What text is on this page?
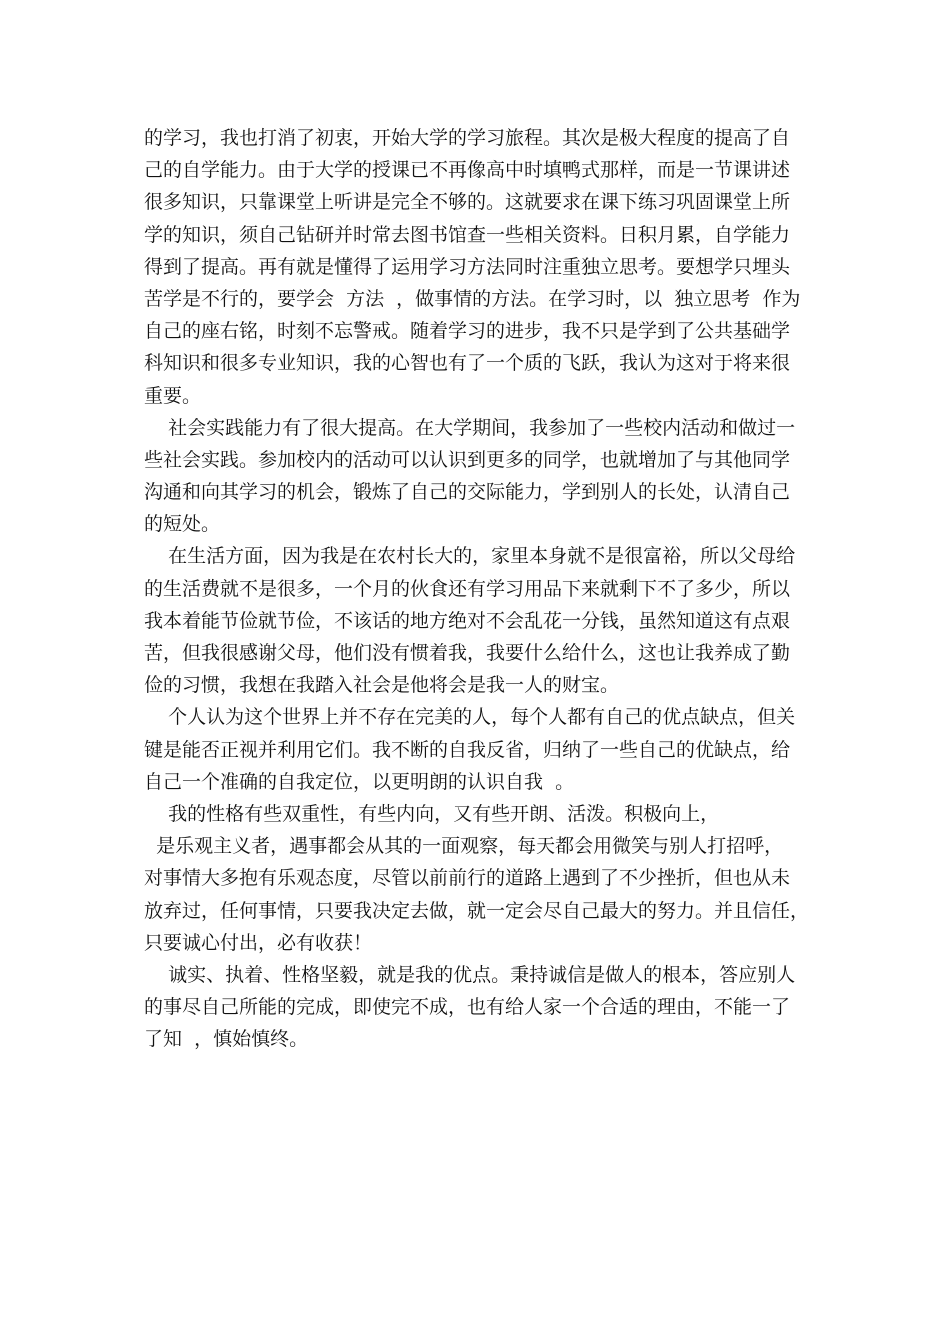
的学习，我也打消了初衷，开始大学的学习旅程。其次是极大程度的提高了自
己的自学能力。由于大学的授课已不再像高中时填鸭式那样，而是一节课讲述
很多知识，只靠课堂上听讲是完全不够的。这就要求在课下练习巩固课堂上所
学的知识，须自己钻研并时常去图书馆查一些相关资料。日积月累，自学能力
得到了提高。再有就是懂得了运用学习方法同时注重独立思考。要想学只埋头
苦学是不行的，要学会  方法  ，做事情的方法。在学习时，以  独立思考  作为
自己的座右铭，时刻不忘警戒。随着学习的进步，我不只是学到了公共基础学
科知识和很多专业知识，我的心智也有了一个质的飞跃，我认为这对于将来很
重要。
社会实践能力有了很大提高。在大学期间，我参加了一些校内活动和做过一
些社会实践。参加校内的活动可以认识到更多的同学，也就增加了与其他同学
沟通和向其学习的机会，锻炼了自己的交际能力，学到别人的长处，认清自己
的短处。
在生活方面，因为我是在农村长大的，家里本身就不是很富裕，所以父母给
的生活费就不是很多，一个月的伙食还有学习用品下来就剩下不了多少，所以
我本着能节俭就节俭，不该话的地方绝对不会乱花一分钱，虽然知道这有点艰
苦，但我很感谢父母，他们没有惯着我，我要什么给什么，这也让我养成了勤
俭的习惯，我想在我踏入社会是他将会是我一人的财宝。
个人认为这个世界上并不存在完美的人，每个人都有自己的优点缺点，但关
键是能否正视并利用它们。我不断的自我反省，归纳了一些自己的优缺点，给
自己一个准确的自我定位，以更明朗的认识自我  。
我的性格有些双重性，有些内向，又有些开朗、活泼。积极向上，
是乐观主义者，遇事都会从其的一面观察，每天都会用微笑与别人打招呼，
对事情大多抱有乐观态度，尽管以前前行的道路上遇到了不少挫折，但也从未
放弃过，任何事情，只要我决定去做，就一定会尽自己最大的努力。并且信任，
只要诚心付出，必有收获！
诚实、执着、性格坚毅，就是我的优点。秉持诚信是做人的根本，答应别人
的事尽自己所能的完成，即使完不成，也有给人家一个合适的理由，不能一了
了知  ，慎始慎终。
